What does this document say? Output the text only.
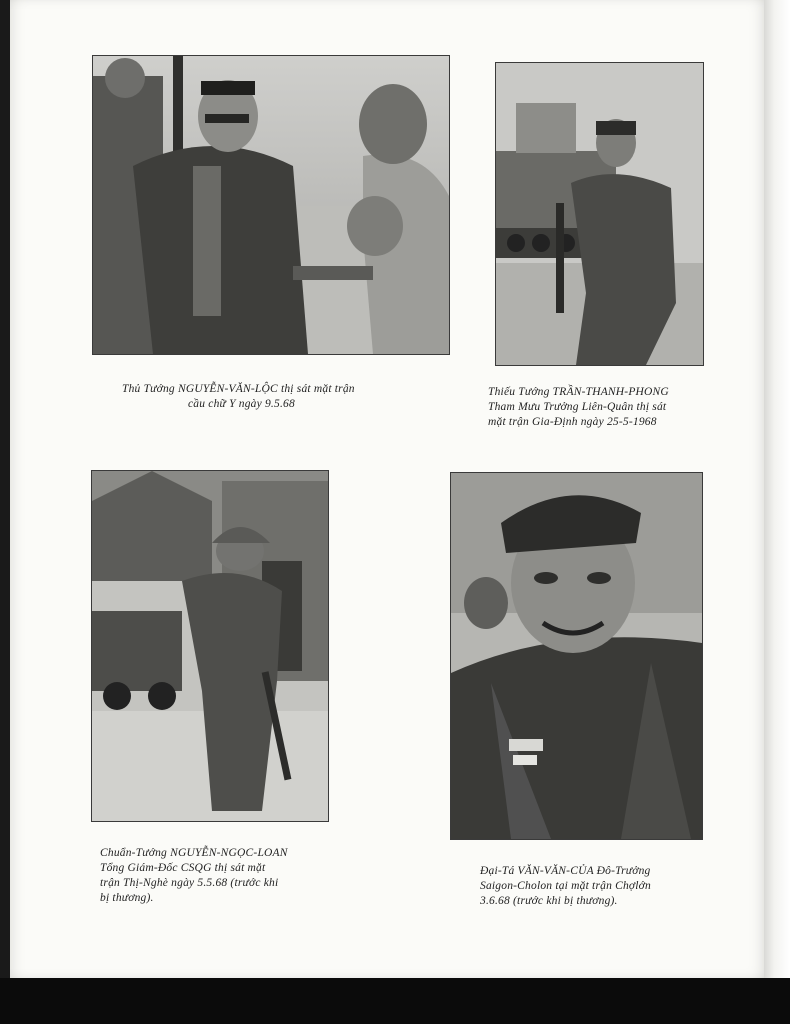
Thủ Tướng NGUYỄN-VĂN-LỘC thị sát mặt trận
cầu chữ Y ngày 9.5.68
Thiếu Tướng TRẦN-THANH-PHONG
Tham Mưu Trưởng Liên-Quân thị sát
mặt trận Gia-Định ngày 25-5-1968
Chuẩn-Tướng NGUYỄN-NGỌC-LOAN
Tổng Giám-Đốc CSQG thị sát mặt
trận Thị-Nghè ngày 5.5.68 (trước khi
bị thương).
Đại-Tá VĂN-VĂN-CỦA Đô-Trưởng
Saigon-Cholon tại mặt trận Chợlớn
3.6.68 (trước khi bị thương).
